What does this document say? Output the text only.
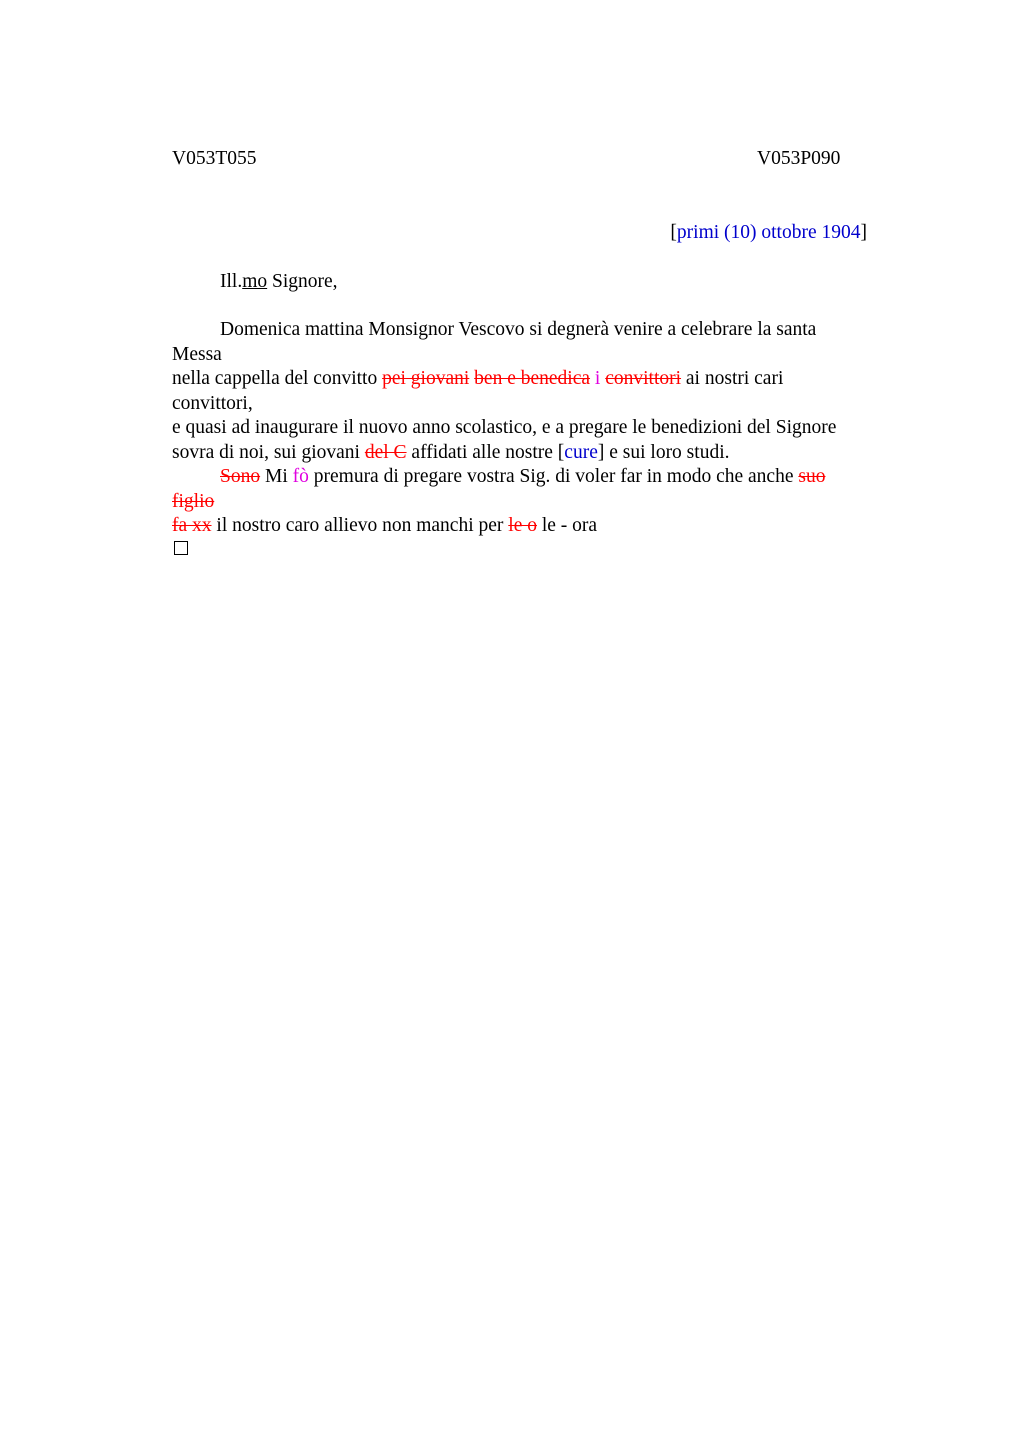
V053T055	V053P090
[primi (10) ottobre 1904]
Ill.mo Signore,
Domenica mattina Monsignor Vescovo si degnerà venire a celebrare la santa
Messa
nella cappella del convitto pei giovani ben e benedica i convittori ai nostri cari
convittori,
e quasi ad inaugurare il nuovo anno scolastico, e a pregare le benedizioni del Signore
sovra di noi, sui giovani del C affidati alle nostre [cure] e sui loro studi.
Sono Mi fò premura di pregare vostra Sig. di voler far in modo che anche suo
figlio
fa xx il nostro caro allievo non manchi per le o le - ora
